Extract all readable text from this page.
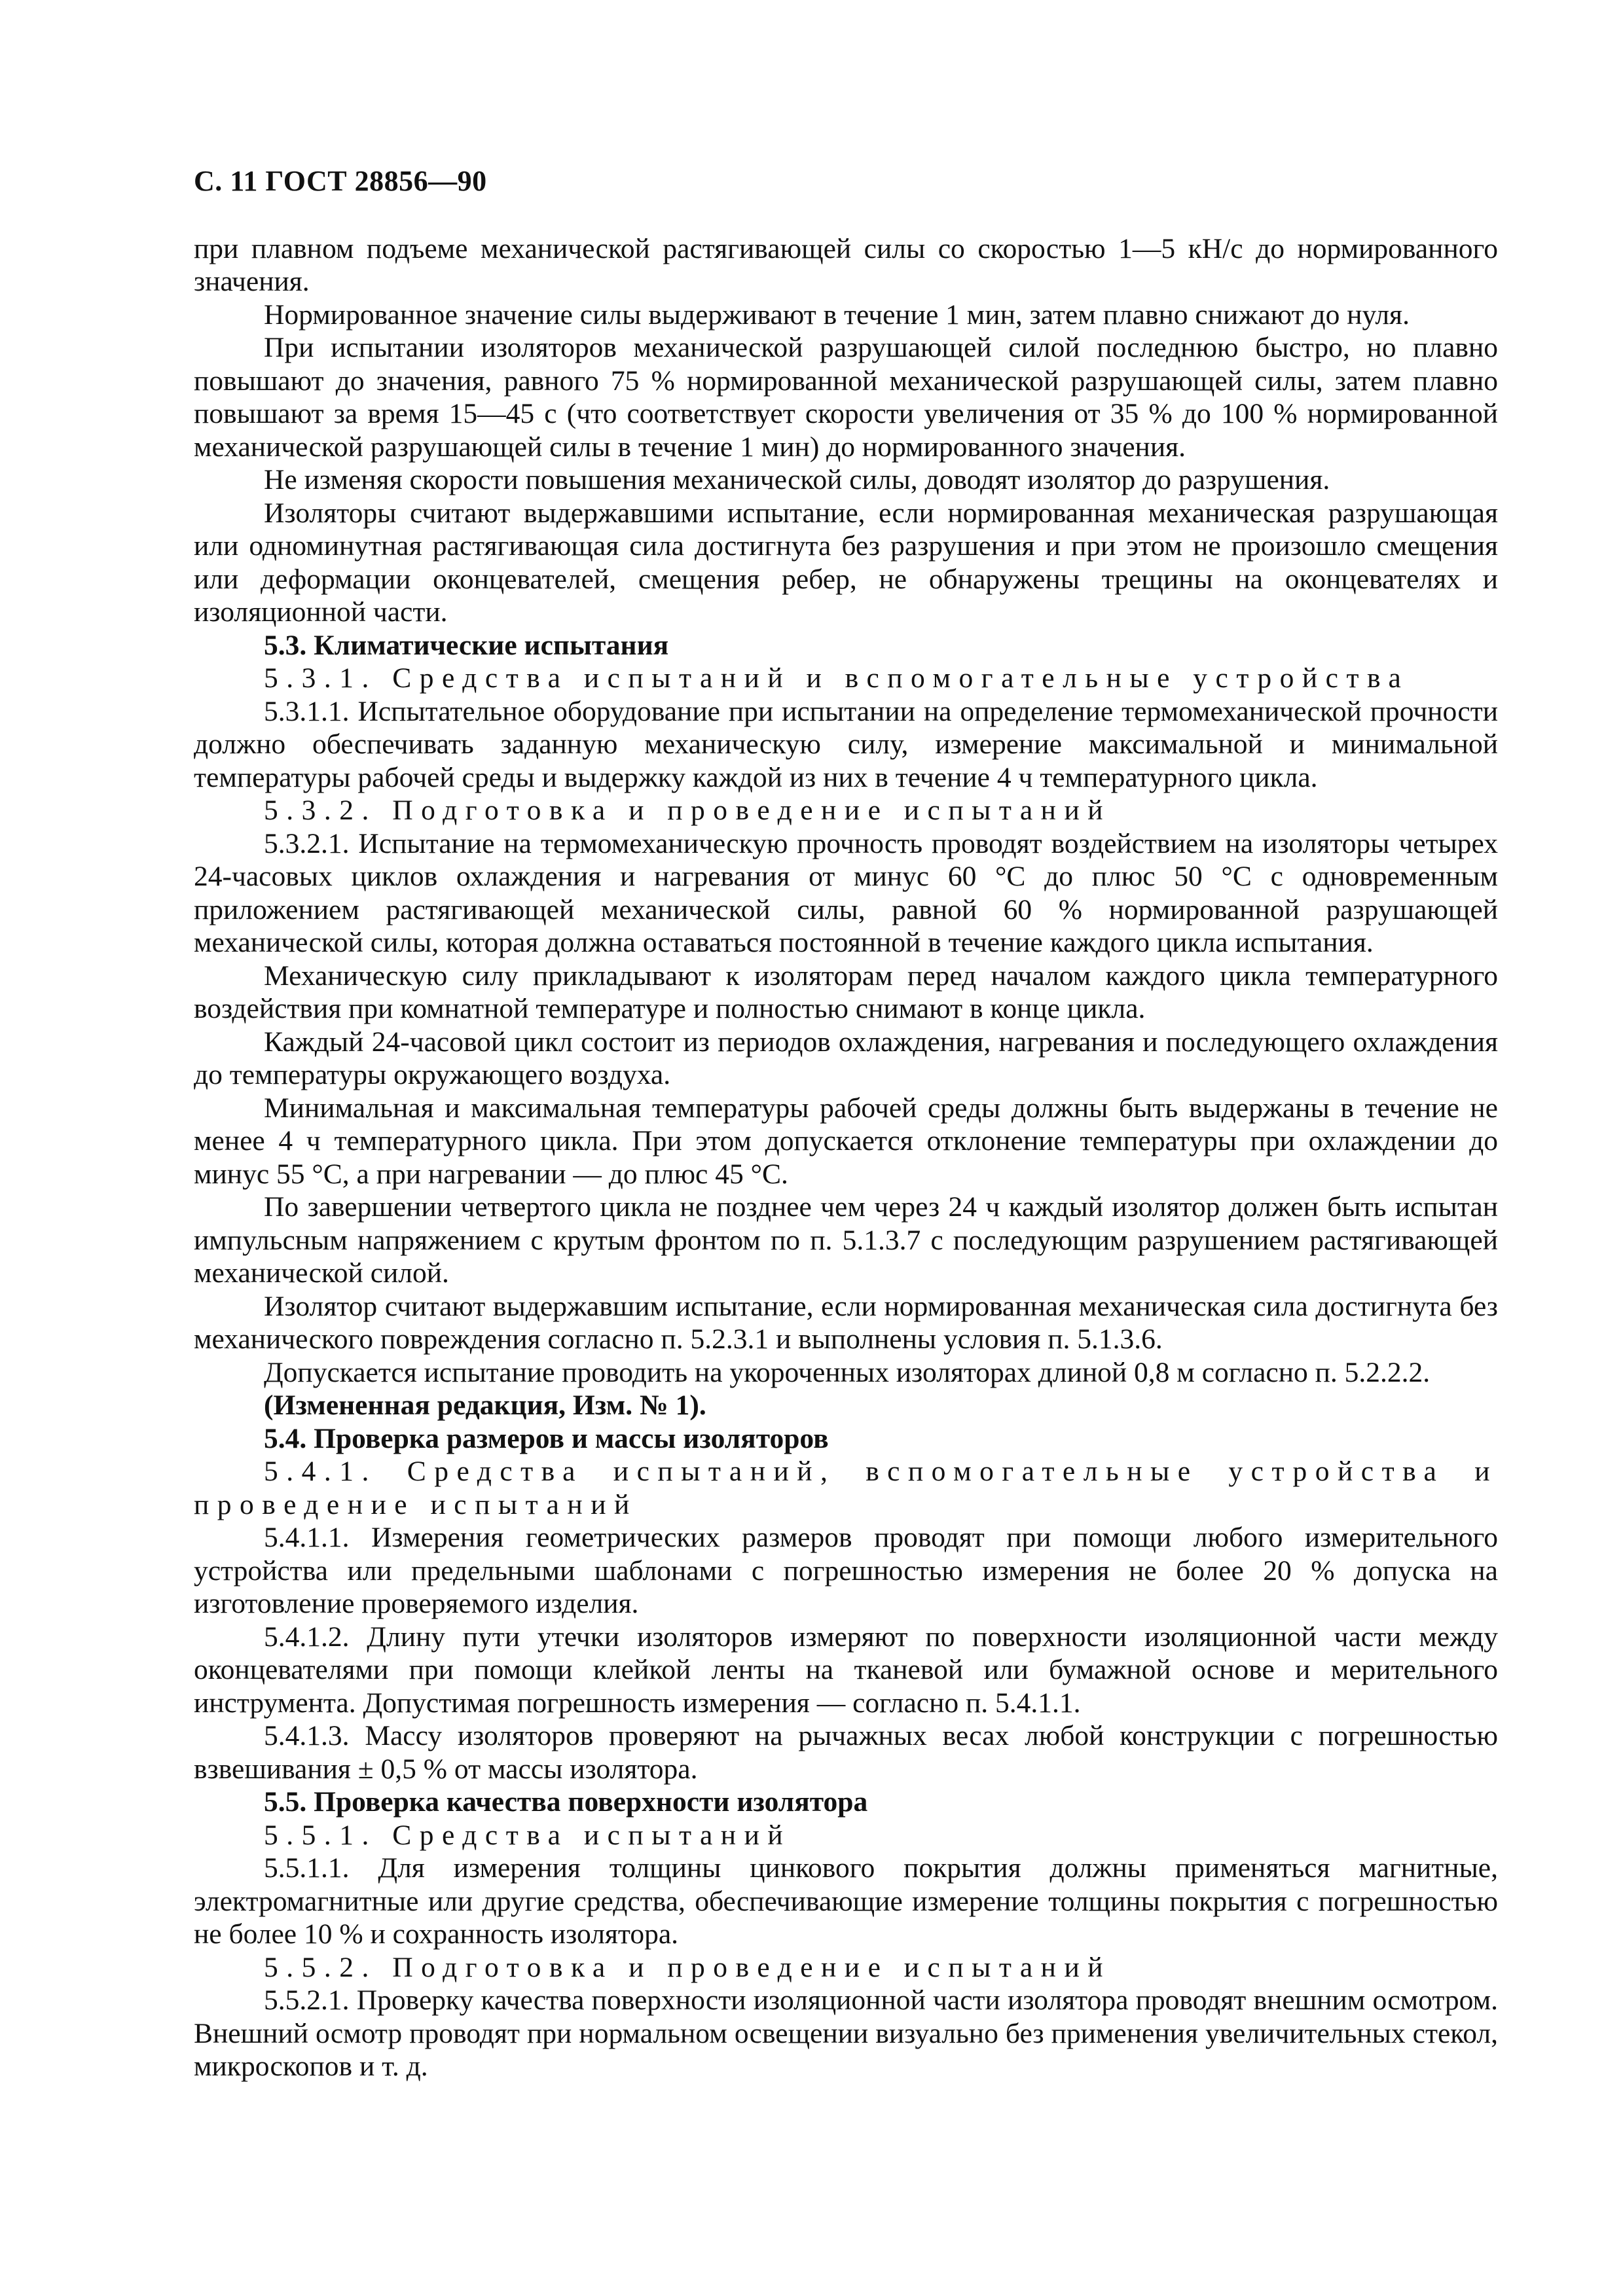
С. 11 ГОСТ 28856—90

при плавном подъеме механической растягивающей силы со скоростью 1—5 кН/с до нормированного значения.

Нормированное значение силы выдерживают в течение 1 мин, затем плавно снижают до нуля.

При испытании изоляторов механической разрушающей силой последнюю быстро, но плавно повышают до значения, равного 75 % нормированной механической разрушающей силы, затем плавно повышают за время 15—45 с (что соответствует скорости увеличения от 35 % до 100 % нормированной механической разрушающей силы в течение 1 мин) до нормированного значения.

Не изменяя скорости повышения механической силы, доводят изолятор до разрушения.

Изоляторы считают выдержавшими испытание, если нормированная механическая разрушающая или одноминутная растягивающая сила достигнута без разрушения и при этом не произошло смещения или деформации оконцевателей, смещения ребер, не обнаружены трещины на оконцевателях и изоляционной части.

5.3. Климатические испытания

5.3.1. Средства испытаний и вспомогательные устройства

5.3.1.1. Испытательное оборудование при испытании на определение термомеханической прочности должно обеспечивать заданную механическую силу, измерение максимальной и минимальной температуры рабочей среды и выдержку каждой из них в течение 4 ч температурного цикла.

5.3.2. Подготовка и проведение испытаний

5.3.2.1. Испытание на термомеханическую прочность проводят воздействием на изоляторы четырех 24-часовых циклов охлаждения и нагревания от минус 60 °С до плюс 50 °С с одновременным приложением растягивающей механической силы, равной 60 % нормированной разрушающей механической силы, которая должна оставаться постоянной в течение каждого цикла испытания.

Механическую силу прикладывают к изоляторам перед началом каждого цикла температурного воздействия при комнатной температуре и полностью снимают в конце цикла.

Каждый 24-часовой цикл состоит из периодов охлаждения, нагревания и последующего охлаждения до температуры окружающего воздуха.

Минимальная и максимальная температуры рабочей среды должны быть выдержаны в течение не менее 4 ч температурного цикла. При этом допускается отклонение температуры при охлаждении до минус 55 °С, а при нагревании — до плюс 45 °С.

По завершении четвертого цикла не позднее чем через 24 ч каждый изолятор должен быть испытан импульсным напряжением с крутым фронтом по п. 5.1.3.7 с последующим разрушением растягивающей механической силой.

Изолятор считают выдержавшим испытание, если нормированная механическая сила достигнута без механического повреждения согласно п. 5.2.3.1 и выполнены условия п. 5.1.3.6.

Допускается испытание проводить на укороченных изоляторах длиной 0,8 м согласно п. 5.2.2.2.

(Измененная редакция, Изм. № 1).

5.4. Проверка размеров и массы изоляторов

5.4.1. Средства испытаний, вспомогательные устройства и проведение испытаний

5.4.1.1. Измерения геометрических размеров проводят при помощи любого измерительного устройства или предельными шаблонами с погрешностью измерения не более 20 % допуска на изготовление проверяемого изделия.

5.4.1.2. Длину пути утечки изоляторов измеряют по поверхности изоляционной части между оконцевателями при помощи клейкой ленты на тканевой или бумажной основе и мерительного инструмента. Допустимая погрешность измерения — согласно п. 5.4.1.1.

5.4.1.3. Массу изоляторов проверяют на рычажных весах любой конструкции с погрешностью взвешивания ± 0,5 % от массы изолятора.

5.5. Проверка качества поверхности изолятора

5.5.1. Средства испытаний

5.5.1.1. Для измерения толщины цинкового покрытия должны применяться магнитные, электромагнитные или другие средства, обеспечивающие измерение толщины покрытия с погрешностью не более 10 % и сохранность изолятора.

5.5.2. Подготовка и проведение испытаний

5.5.2.1. Проверку качества поверхности изоляционной части изолятора проводят внешним осмотром. Внешний осмотр проводят при нормальном освещении визуально без применения увеличительных стекол, микроскопов и т. д.
